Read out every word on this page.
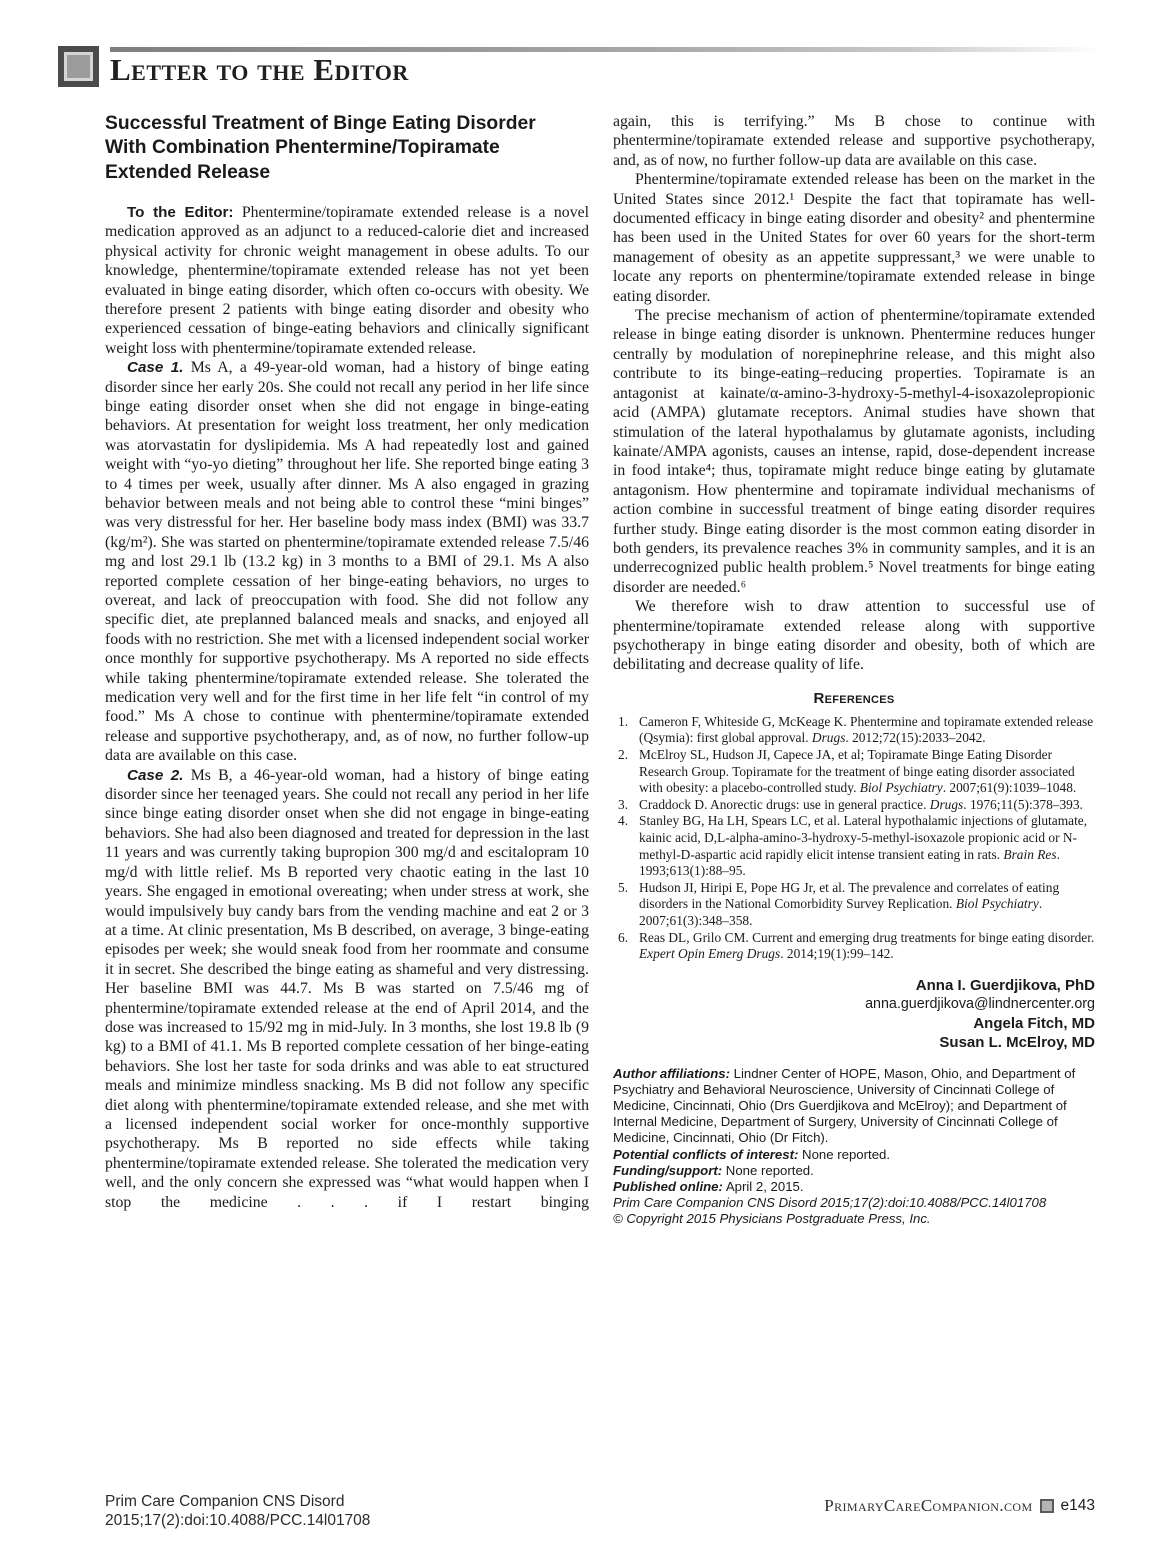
Letter to the Editor
Successful Treatment of Binge Eating Disorder
With Combination Phentermine/Topiramate
Extended Release

To the Editor: Phentermine/topiramate extended release is a novel medication approved as an adjunct to a reduced-calorie diet and increased physical activity for chronic weight management in obese adults. To our knowledge, phentermine/topiramate extended release has not yet been evaluated in binge eating disorder, which often co-occurs with obesity. We therefore present 2 patients with binge eating disorder and obesity who experienced cessation of binge-eating behaviors and clinically significant weight loss with phentermine/topiramate extended release.

Case 1. Ms A, a 49-year-old woman, had a history of binge eating disorder since her early 20s. She could not recall any period in her life since binge eating disorder onset when she did not engage in binge-eating behaviors. At presentation for weight loss treatment, her only medication was atorvastatin for dyslipidemia. Ms A had repeatedly lost and gained weight with “yo-yo dieting” throughout her life. She reported binge eating 3 to 4 times per week, usually after dinner. Ms A also engaged in grazing behavior between meals and not being able to control these “mini binges” was very distressful for her. Her baseline body mass index (BMI) was 33.7 (kg/m²). She was started on phentermine/topiramate extended release 7.5/46 mg and lost 29.1 lb (13.2 kg) in 3 months to a BMI of 29.1. Ms A also reported complete cessation of her binge-eating behaviors, no urges to overeat, and lack of preoccupation with food. She did not follow any specific diet, ate preplanned balanced meals and snacks, and enjoyed all foods with no restriction. She met with a licensed independent social worker once monthly for supportive psychotherapy. Ms A reported no side effects while taking phentermine/topiramate extended release. She tolerated the medication very well and for the first time in her life felt “in control of my food.” Ms A chose to continue with phentermine/topiramate extended release and supportive psychotherapy, and, as of now, no further follow-up data are available on this case.

Case 2. Ms B, a 46-year-old woman, had a history of binge eating disorder since her teenaged years. She could not recall any period in her life since binge eating disorder onset when she did not engage in binge-eating behaviors. She had also been diagnosed and treated for depression in the last 11 years and was currently taking bupropion 300 mg/d and escitalopram 10 mg/d with little relief. Ms B reported very chaotic eating in the last 10 years. She engaged in emotional overeating; when under stress at work, she would impulsively buy candy bars from the vending machine and eat 2 or 3 at a time. At clinic presentation, Ms B described, on average, 3 binge-eating episodes per week; she would sneak food from her roommate and consume it in secret. She described the binge eating as shameful and very distressing. Her baseline BMI was 44.7. Ms B was started on 7.5/46 mg of phentermine/topiramate extended release at the end of April 2014, and the dose was increased to 15/92 mg in mid-July. In 3 months, she lost 19.8 lb (9 kg) to a BMI of 41.1. Ms B reported complete cessation of her binge-eating behaviors. She lost her taste for soda drinks and was able to eat structured meals and minimize mindless snacking. Ms B did not follow any specific diet along with phentermine/topiramate extended release, and she met with a licensed independent social worker for once-monthly supportive psychotherapy. Ms B reported no side effects while taking phentermine/topiramate extended release. She tolerated the medication very well, and the only concern she expressed was “what would happen when I stop the medicine . . . if I restart binging

again, this is terrifying.” Ms B chose to continue with phentermine/topiramate extended release and supportive psychotherapy, and, as of now, no further follow-up data are available on this case.

Phentermine/topiramate extended release has been on the market in the United States since 2012.¹ Despite the fact that topiramate has well-documented efficacy in binge eating disorder and obesity² and phentermine has been used in the United States for over 60 years for the short-term management of obesity as an appetite suppressant,³ we were unable to locate any reports on phentermine/topiramate extended release in binge eating disorder.

The precise mechanism of action of phentermine/topiramate extended release in binge eating disorder is unknown. Phentermine reduces hunger centrally by modulation of norepinephrine release, and this might also contribute to its binge-eating–reducing properties. Topiramate is an antagonist at kainate/α-amino-3-hydroxy-5-methyl-4-isoxazolepropionic acid (AMPA) glutamate receptors. Animal studies have shown that stimulation of the lateral hypothalamus by glutamate agonists, including kainate/AMPA agonists, causes an intense, rapid, dose-dependent increase in food intake⁴; thus, topiramate might reduce binge eating by glutamate antagonism. How phentermine and topiramate individual mechanisms of action combine in successful treatment of binge eating disorder requires further study. Binge eating disorder is the most common eating disorder in both genders, its prevalence reaches 3% in community samples, and it is an underrecognized public health problem.⁵ Novel treatments for binge eating disorder are needed.⁶

We therefore wish to draw attention to successful use of phentermine/topiramate extended release along with supportive psychotherapy in binge eating disorder and obesity, both of which are debilitating and decrease quality of life.

References
1. Cameron F, Whiteside G, McKeage K. Phentermine and topiramate extended release (Qsymia): first global approval. Drugs. 2012;72(15):2033–2042.
2. McElroy SL, Hudson JI, Capece JA, et al; Topiramate Binge Eating Disorder Research Group. Topiramate for the treatment of binge eating disorder associated with obesity: a placebo-controlled study. Biol Psychiatry. 2007;61(9):1039–1048.
3. Craddock D. Anorectic drugs: use in general practice. Drugs. 1976;11(5):378–393.
4. Stanley BG, Ha LH, Spears LC, et al. Lateral hypothalamic injections of glutamate, kainic acid, D,L-alpha-amino-3-hydroxy-5-methyl-isoxazole propionic acid or N-methyl-D-aspartic acid rapidly elicit intense transient eating in rats. Brain Res. 1993;613(1):88–95.
5. Hudson JI, Hiripi E, Pope HG Jr, et al. The prevalence and correlates of eating disorders in the National Comorbidity Survey Replication. Biol Psychiatry. 2007;61(3):348–358.
6. Reas DL, Grilo CM. Current and emerging drug treatments for binge eating disorder. Expert Opin Emerg Drugs. 2014;19(1):99–142.
Anna I. Guerdjikova, PhD
anna.guerdjikova@lindnercenter.org
Angela Fitch, MD
Susan L. McElroy, MD
Author affiliations: Lindner Center of HOPE, Mason, Ohio, and Department of Psychiatry and Behavioral Neuroscience, University of Cincinnati College of Medicine, Cincinnati, Ohio (Drs Guerdjikova and McElroy); and Department of Internal Medicine, Department of Surgery, University of Cincinnati College of Medicine, Cincinnati, Ohio (Dr Fitch).
Potential conflicts of interest: None reported.
Funding/support: None reported.
Published online: April 2, 2015.
Prim Care Companion CNS Disord 2015;17(2):doi:10.4088/PCC.14l01708
© Copyright 2015 Physicians Postgraduate Press, Inc.
Prim Care Companion CNS Disord
2015;17(2):doi:10.4088/PCC.14l01708
PrimaryCareCompanion.com e143
